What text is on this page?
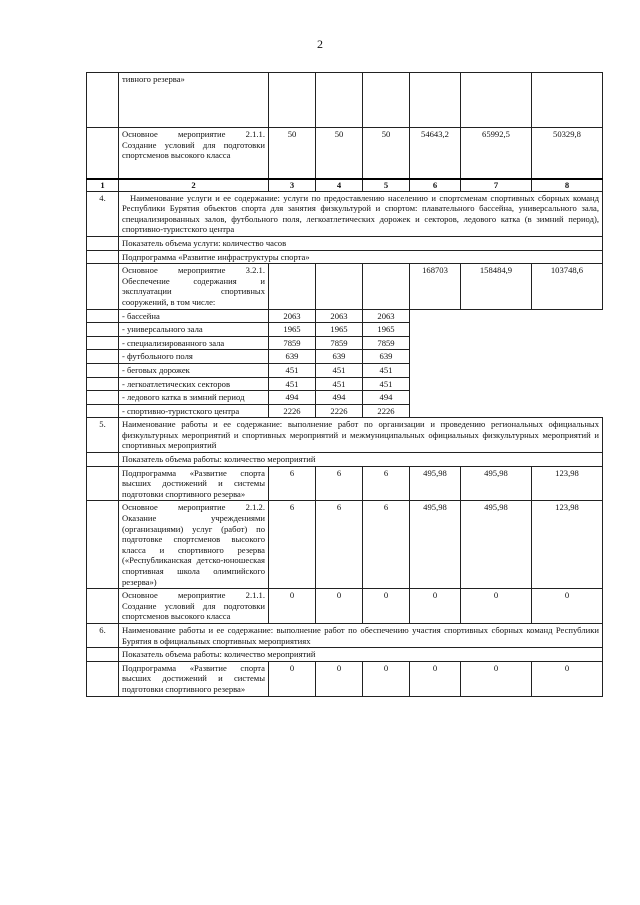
2
	тивного резерва»						
	Основное мероприятие 2.1.1. Создание условий для подготовки спортсменов высокого класса	50	50	50	54643,2	65992,5	50329,8
1	2	3	4	5	6	7	8
4.	Наименование услуги и ее содержание: услуги по предоставлению населению и спортсменам спортивных сборных команд Республики Бурятия объектов спорта для занятия физкультурой и спортом: плавательного бассейна, универсального зала, специализированных залов, футбольного поля, легкоатлетических дорожек и секторов, ледового катка (в зимний период), спортивно-туристского центра						
	Показатель объема услуги: количество часов						
	Подпрограмма «Развитие инфраструктуры спорта»						
	Основное мероприятие 3.2.1. Обеспечение содержания и эксплуатации спортивных сооружений, в том числе:				168703	158484,9	103748,6
	- бассейна	2063	2063	2063			
	- универсального зала	1965	1965	1965			
	- специализированного зала	7859	7859	7859			
	- футбольного поля	639	639	639			
	- беговых дорожек	451	451	451			
	- легкоатлетических секторов	451	451	451			
	- ледового катка в зимний период	494	494	494			
	- спортивно-туристского центра	2226	2226	2226			
5.	Наименование работы и ее содержание: выполнение работ по организации и проведению региональных официальных физкультурных мероприятий и спортивных мероприятий и межмуниципальных официальных физкультурных мероприятий и спортивных мероприятий						
	Показатель объема работы: количество мероприятий						
	Подпрограмма «Развитие спорта высших достижений и системы подготовки спортивного резерва»	6	6	6	495,98	495,98	123,98
	Основное мероприятие 2.1.2. Оказание учреждениями (организациями) услуг (работ) по подготовке спортсменов высокого класса и спортивного резерва («Республиканская детско-юношеская спортивная школа олимпийского резерва»)	6	6	6	495,98	495,98	123,98
	Основное мероприятие 2.1.1. Создание условий для подготовки спортсменов высокого класса	0	0	0	0	0	0
6.	Наименование работы и ее содержание: выполнение работ по обеспечению участия спортивных сборных команд Республики Бурятия в официальных спортивных мероприятиях						
	Показатель объема работы: количество мероприятий						
	Подпрограмма «Развитие спорта высших достижений и системы подготовки спортивного резерва»	0	0	0	0	0	0
